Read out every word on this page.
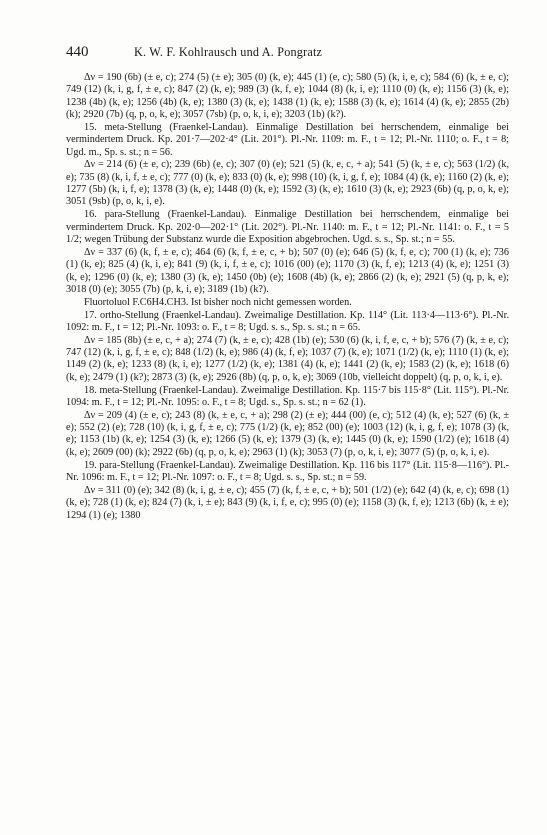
440	K. W. F. Kohlrausch und A. Pongratz

Δν = 190 (6b) (± e, c); 274 (5) (± e); 305 (0) (k, e); 445 (1) (e, c); 580 (5) (k, i, e, c); 584 (6) (k, ± e, c); 749 (12) (k, i, g, f, ± e, c); 847 (2) (k, e); 989 (3) (k, f, e); 1044 (8) (k, i, e); 1110 (0) (k, e); 1156 (3) (k, e); 1238 (4b) (k, e); 1256 (4b) (k, e); 1380 (3) (k, e); 1438 (1) (k, e); 1588 (3) (k, e); 1614 (4) (k, e); 2855 (2b) (k); 2920 (7b) (q, p, o, k, e); 3057 (7sb) (p, o, k, i, e); 3203 (1b) (k?).

15. meta-Stellung (Fraenkel-Landau). Einmalige Destillation bei herrschendem, einmalige bei vermindertem Druck. Kp. 201·7—202·4° (Lit. 201°). Pl.-Nr. 1109: m. F., t = 12; Pl.-Nr. 1110; o. F., t = 8; Ugd. m., Sp. s. st.; n = 56.

Δν = 214 (6) (± e, c); 239 (6b) (e, c); 307 (0) (e); 521 (5) (k, e, c, + a); 541 (5) (k, ± e, c); 563 (1/2) (k, e); 735 (8) (k, i, f, ± e, c); 777 (0) (k, e); 833 (0) (k, e); 998 (10) (k, i, g, f, e); 1084 (4) (k, e); 1160 (2) (k, e); 1277 (5b) (k, i, f, e); 1378 (3) (k, e); 1448 (0) (k, e); 1592 (3) (k, e); 1610 (3) (k, e); 2923 (6b) (q, p, o, k, e); 3051 (9sb) (p, o, k, i, e).

16. para-Stellung (Fraenkel-Landau). Einmalige Destillation bei herrschendem, einmalige bei vermindertem Druck. Kp. 202·0—202·1° (Lit. 202°). Pl.-Nr. 1140: m. F., t = 12; Pl.-Nr. 1141: o. F., t = 5 1/2; wegen Trübung der Substanz wurde die Exposition abgebrochen. Ugd. s. s., Sp. st.; n = 55.

Δν = 337 (6) (k, f, ± e, c); 464 (6) (k, f, ± e, c, + b); 507 (0) (e); 646 (5) (k, f, e, c); 700 (1) (k, e); 736 (1) (k, e); 825 (4) (k, i, e); 841 (9) (k, i, f, ± e, c); 1016 (00) (e); 1170 (3) (k, f, e); 1213 (4) (k, e); 1251 (3) (k, e); 1296 (0) (k, e); 1380 (3) (k, e); 1450 (0b) (e); 1608 (4b) (k, e); 2866 (2) (k, e); 2921 (5) (q, p, k, e); 3018 (0) (e); 3055 (7b) (p, k, i, e); 3189 (1b) (k?).

Fluortoluol F.C6H4.CH3. Ist bisher noch nicht gemessen worden.

17. ortho-Stellung (Fraenkel-Landau). Zweimalige Destillation. Kp. 114° (Lit. 113·4—113·6°). Pl.-Nr. 1092: m. F., t = 12; Pl.-Nr. 1093: o. F., t = 8; Ugd. s. s., Sp. s. st.; n = 65.

Δν = 185 (8b) (± e, c, + a); 274 (7) (k, ± e, c); 428 (1b) (e); 530 (6) (k, i, f, e, c, + b); 576 (7) (k, ± e, c); 747 (12) (k, i, g, f, ± e, c); 848 (1/2) (k, e); 986 (4) (k, f, e); 1037 (7) (k, e); 1071 (1/2) (k, e); 1110 (1) (k, e); 1149 (2) (k, e); 1233 (8) (k, i, e); 1277 (1/2) (k, e); 1381 (4) (k, e); 1441 (2) (k, e); 1583 (2) (k, e); 1618 (6) (k, e); 2479 (1) (k?); 2873 (3) (k, e); 2926 (8b) (q, p, o, k, e); 3069 (10b, vielleicht doppelt) (q, p, o, k, i, e).

18. meta-Stellung (Fraenkel-Landau). Zweimalige Destillation. Kp. 115·7 bis 115·8° (Lit. 115°). Pl.-Nr. 1094: m. F., t = 12; Pl.-Nr. 1095: o. F., t = 8; Ugd. s., Sp. s. st.; n = 62 (1).

Δν = 209 (4) (± e, c); 243 (8) (k, ± e, c, + a); 298 (2) (± e); 444 (00) (e, c); 512 (4) (k, e); 527 (6) (k, ± e); 552 (2) (e); 728 (10) (k, i, g, f, ± e, c); 775 (1/2) (k, e); 852 (00) (e); 1003 (12) (k, i, g, f, e); 1078 (3) (k, e); 1153 (1b) (k, e); 1254 (3) (k, e); 1266 (5) (k, e); 1379 (3) (k, e); 1445 (0) (k, e); 1590 (1/2) (e); 1618 (4) (k, e); 2609 (00) (k); 2922 (6b) (q, p, o, k, e); 2963 (1) (k); 3053 (7) (p, o, k, i, e); 3077 (5) (p, o, k, i, e).

19. para-Stellung (Fraenkel-Landau). Zweimalige Destillation. Kp. 116 bis 117° (Lit. 115·8—116°). Pl.-Nr. 1096: m. F., t = 12; Pl.-Nr. 1097: o. F., t = 8; Ugd. s. s., Sp. st.; n = 59.

Δν = 311 (0) (e); 342 (8) (k, i, g, ± e, c); 455 (7) (k, f, ± e, c, + b); 501 (1/2) (e); 642 (4) (k, e, c); 698 (1) (k, e); 728 (1) (k, e); 824 (7) (k, i, ± e); 843 (9) (k, i, f, e, c); 995 (0) (e); 1158 (3) (k, f, e); 1213 (6b) (k, ± e); 1294 (1) (e); 1380
